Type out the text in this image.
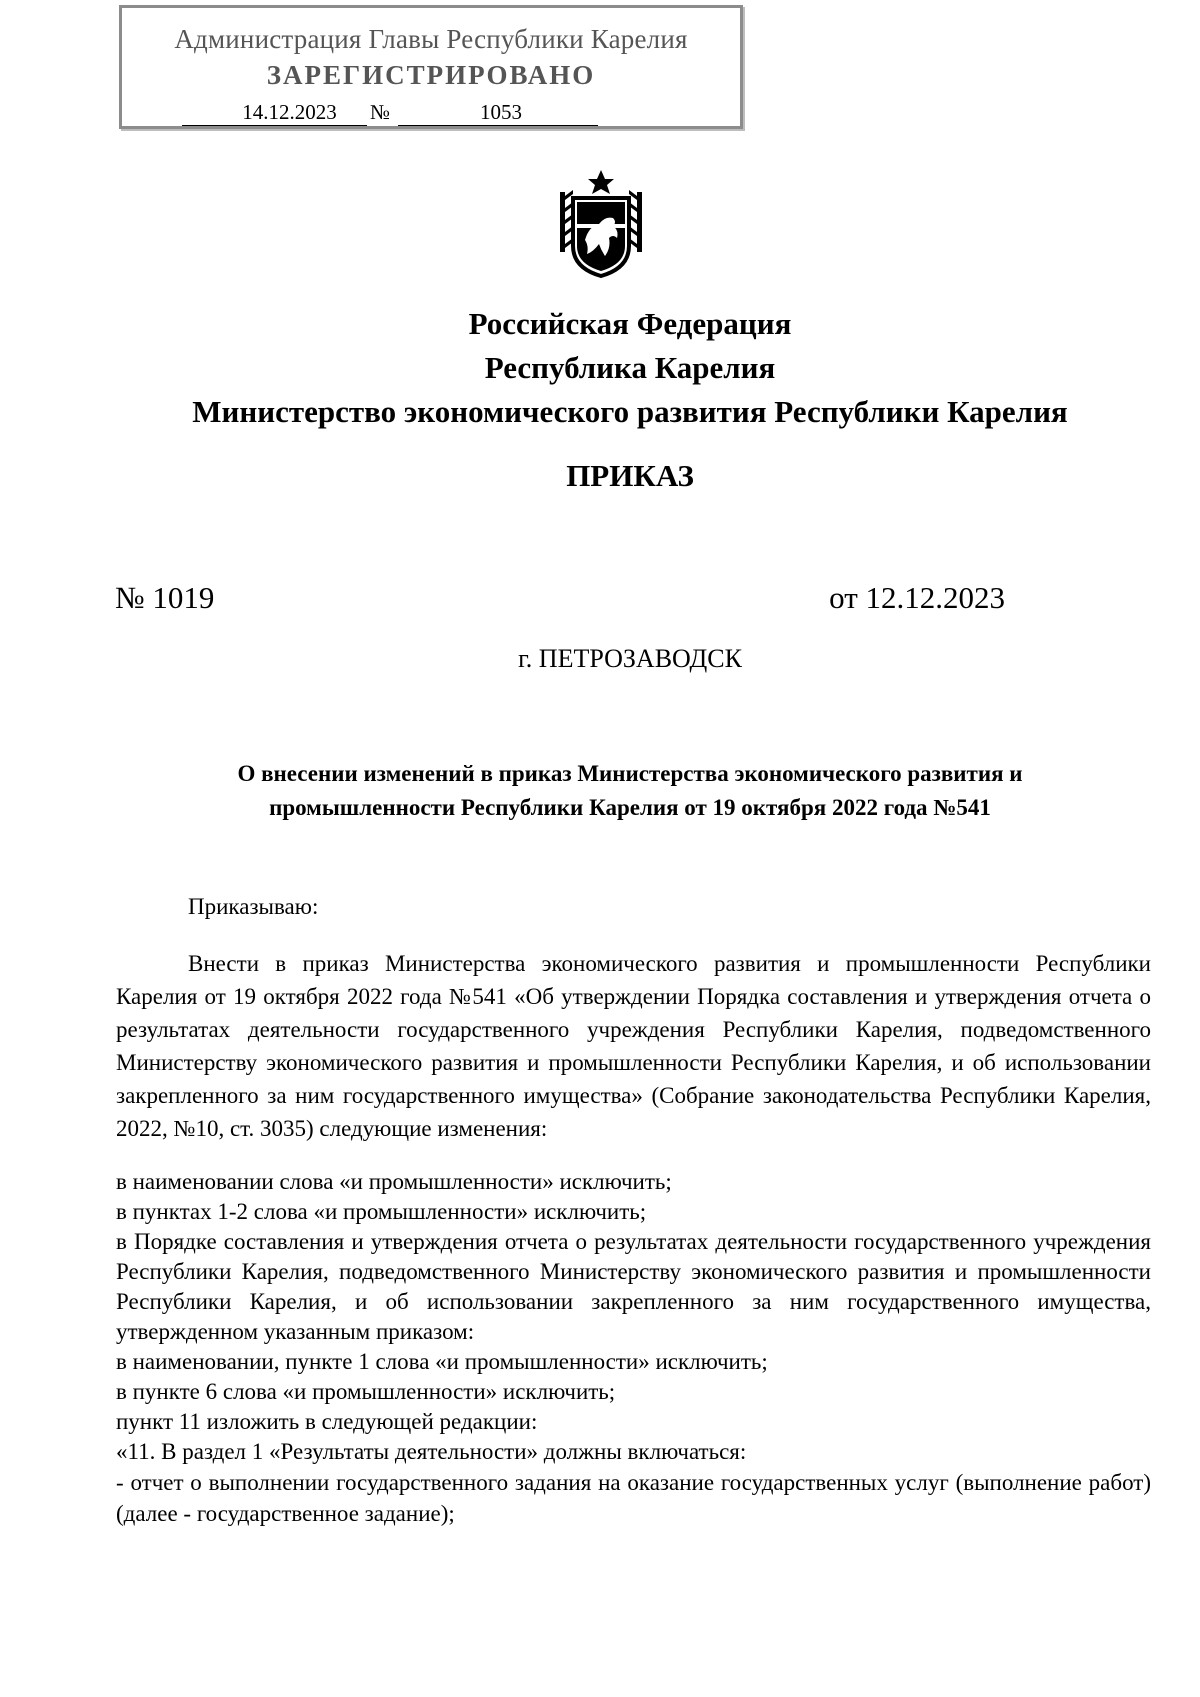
Администрация Главы Республики Карелия
ЗАРЕГИСТРИРОВАНО
14.12.2023	№	1053
Российская Федерация
Республика Карелия
Министерство экономического развития Республики Карелия
ПРИКАЗ
№ 1019	от 12.12.2023
г. ПЕТРОЗАВОДСК
О внесении изменений в приказ Министерства экономического развития и
промышленности Республики Карелия от 19 октября 2022 года №541
Приказываю:
Внести в приказ Министерства экономического развития и промышленности Республики Карелия от 19 октября 2022 года №541 «Об утверждении Порядка составления и утверждения отчета о результатах деятельности государственного учреждения Республики Карелия, подведомственного Министерству экономического развития и промышленности Республики Карелия, и об использовании закрепленного за ним государственного имущества» (Собрание законодательства Республики Карелия, 2022, №10, ст. 3035) следующие изменения:

в наименовании слова «и промышленности» исключить;

в пунктах 1-2 слова «и промышленности» исключить;

в Порядке составления и утверждения отчета о результатах деятельности государственного учреждения Республики Карелия, подведомственного Министерству экономического развития и промышленности Республики Карелия, и об использовании закрепленного за ним государственного имущества, утвержденном указанным приказом:

в наименовании, пункте 1 слова «и промышленности» исключить;

в пункте 6 слова «и промышленности» исключить;

пункт 11 изложить в следующей редакции:

«11. В раздел 1 «Результаты деятельности» должны включаться:

- отчет о выполнении государственного задания на оказание государственных услуг (выполнение работ) (далее - государственное задание);
